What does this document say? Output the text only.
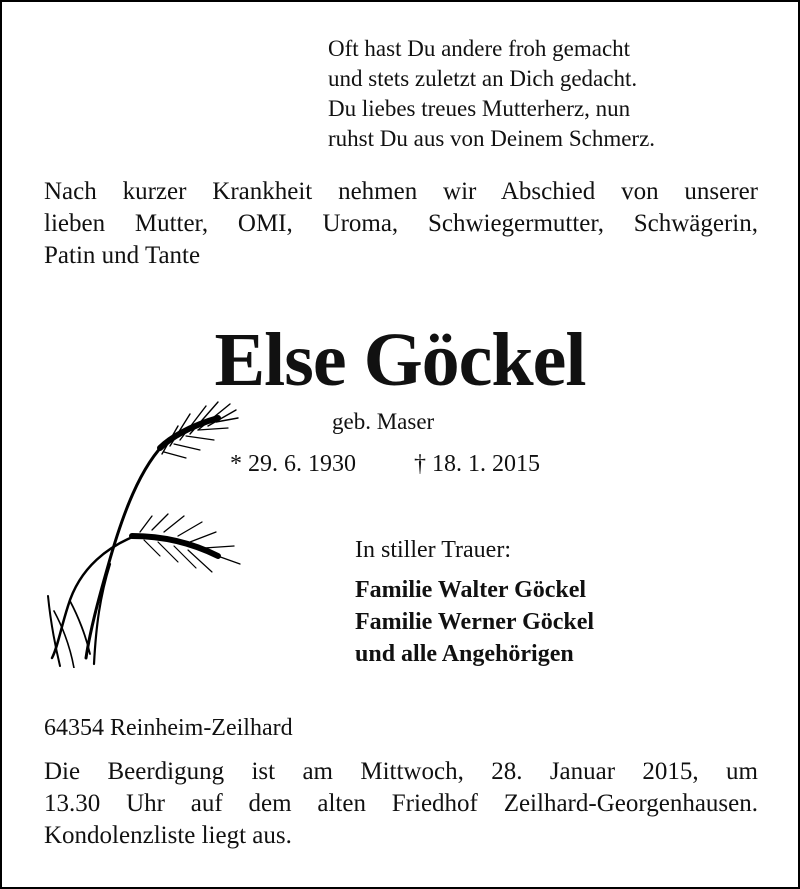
Oft hast Du andere froh gemacht
und stets zuletzt an Dich gedacht.
Du liebes treues Mutterherz, nun
ruhst Du aus von Deinem Schmerz.
Nach kurzer Krankheit nehmen wir Abschied von unserer
lieben Mutter, OMI, Uroma, Schwiegermutter, Schwägerin,
Patin und Tante
Else Göckel
geb. Maser
* 29. 6. 1930 † 18. 1. 2015
In stiller Trauer:
Familie Walter Göckel
Familie Werner Göckel
und alle Angehörigen
64354 Reinheim-Zeilhard
Die Beerdigung ist am Mittwoch, 28. Januar 2015, um
13.30 Uhr auf dem alten Friedhof Zeilhard-Georgenhausen.
Kondolenzliste liegt aus.
